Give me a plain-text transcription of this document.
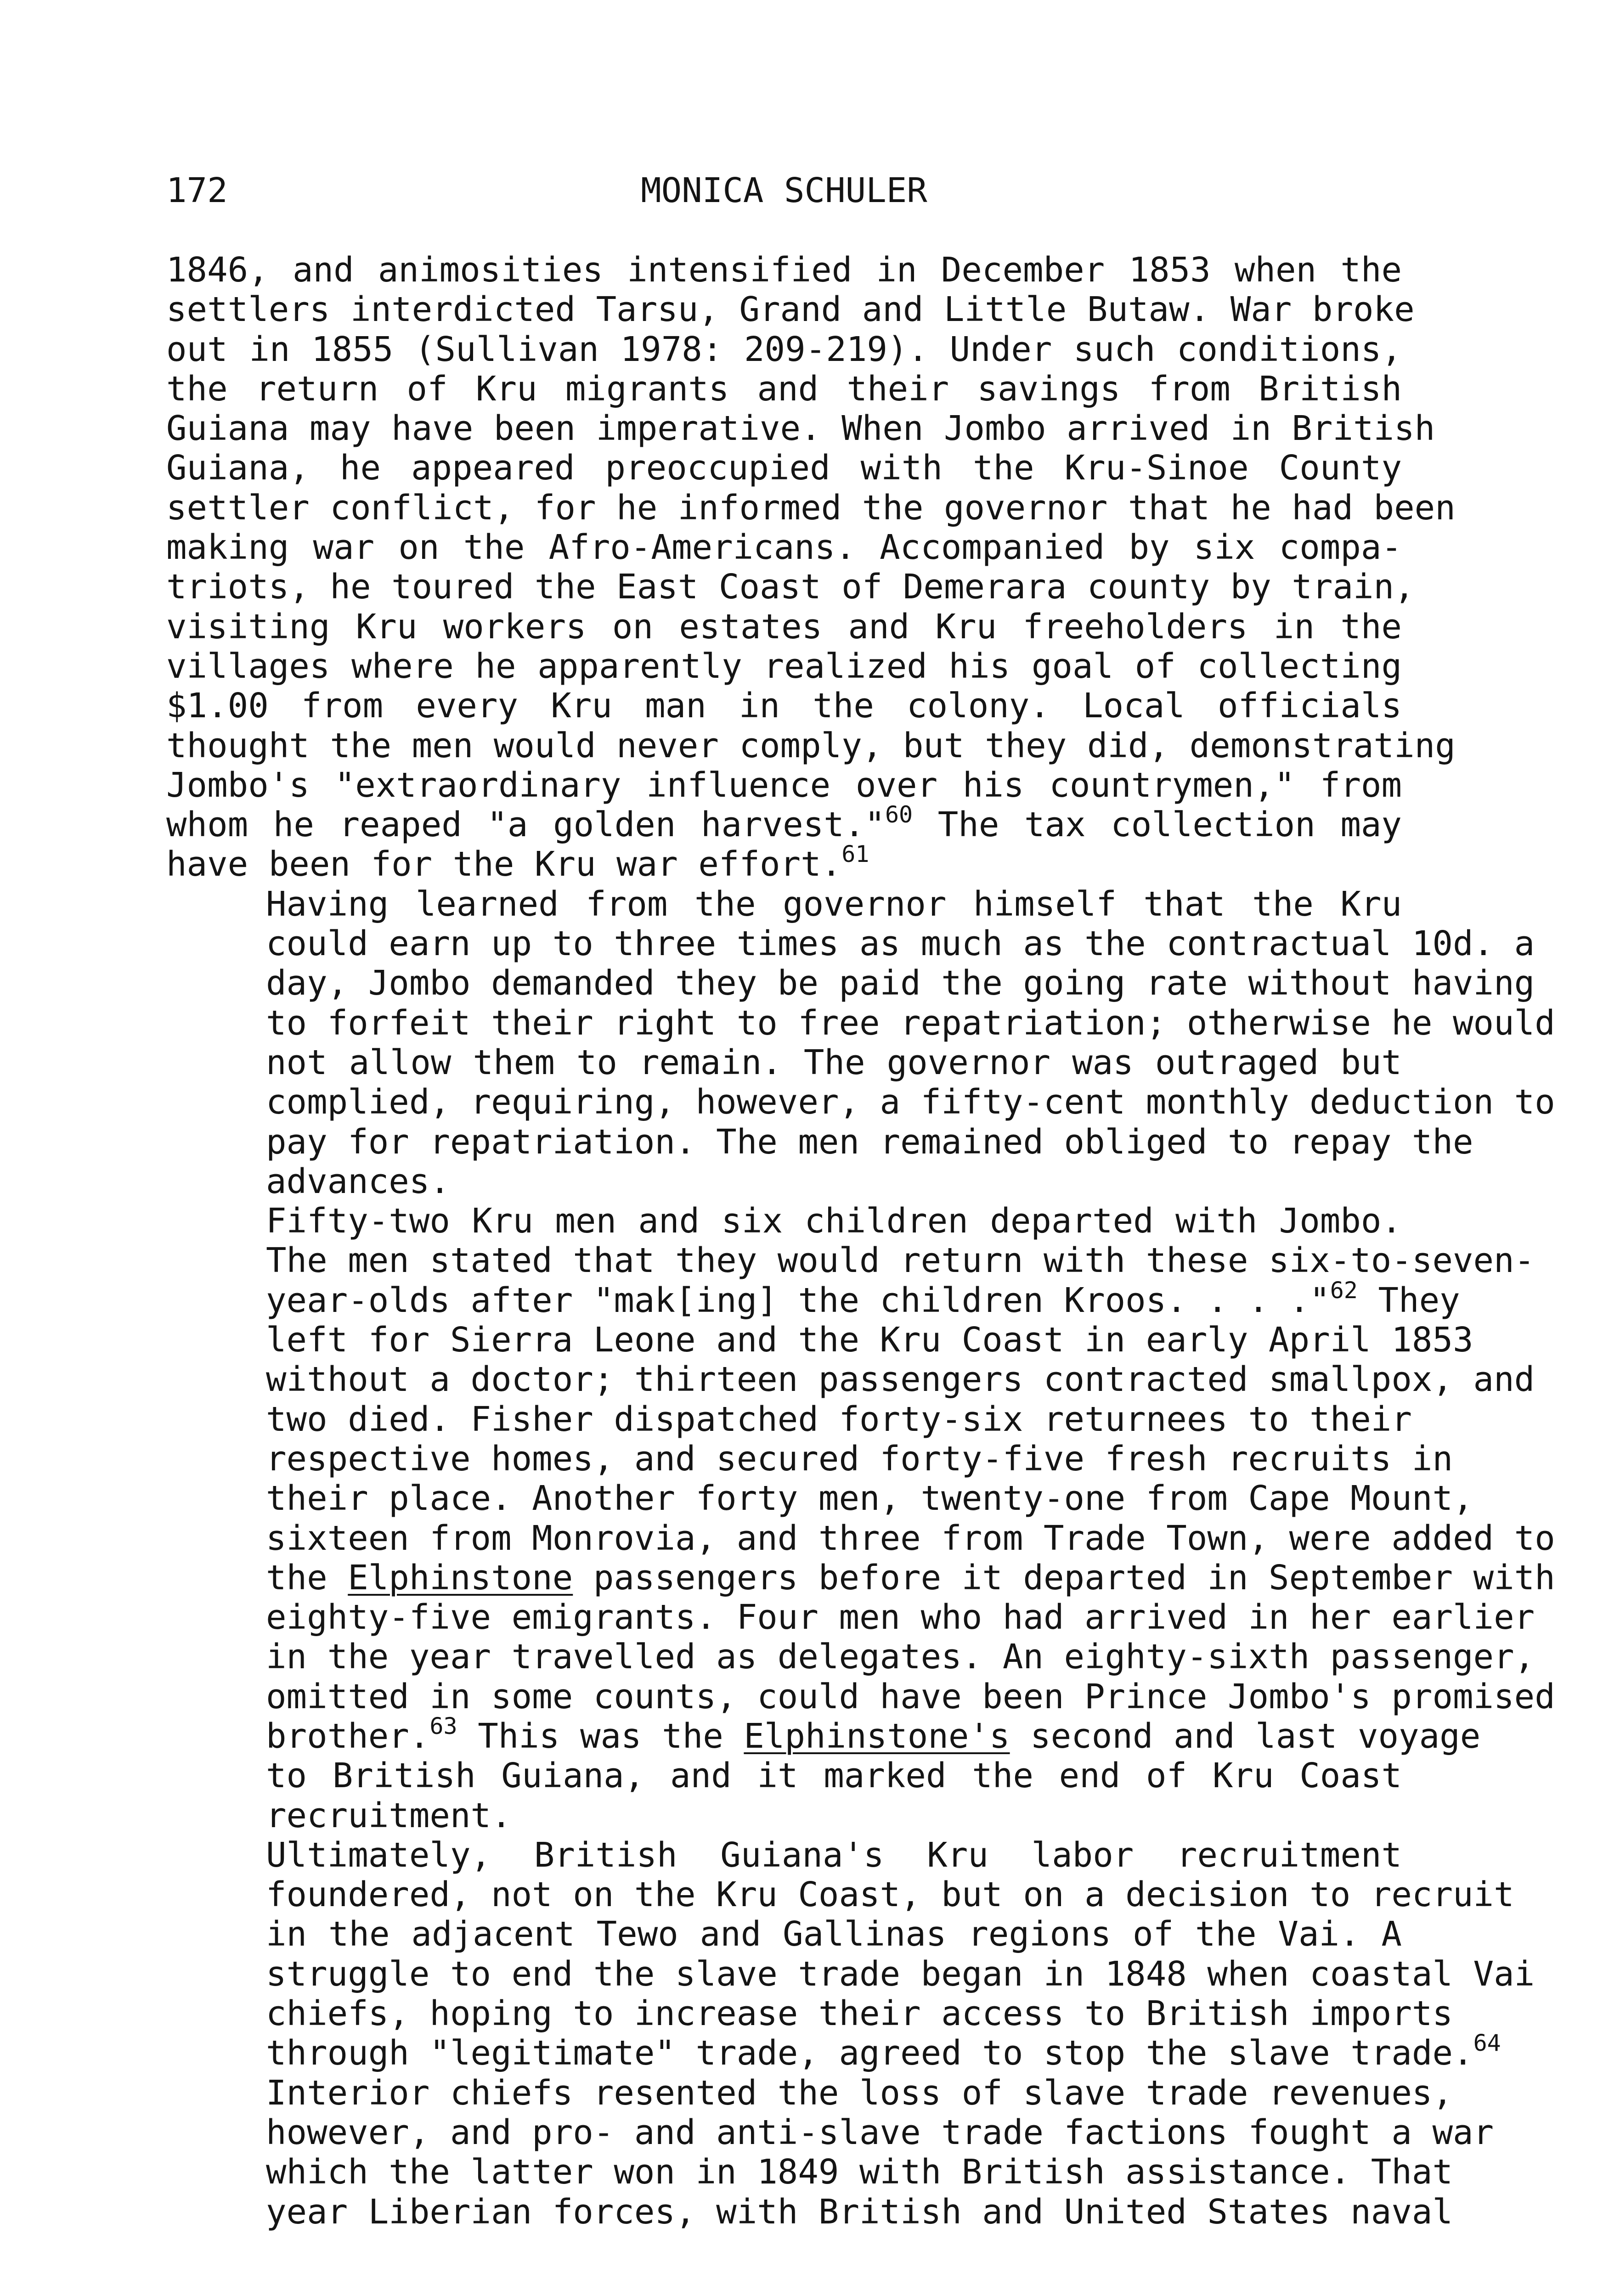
172	MONICA SCHULER

1846, and animosities intensified in December 1853 when the
settlers interdicted Tarsu, Grand and Little Butaw. War broke
out in 1855 (Sullivan 1978: 209-219). Under such conditions,
the return of Kru migrants and their savings from British
Guiana may have been imperative. When Jombo arrived in British
Guiana, he appeared preoccupied with the Kru-Sinoe County
settler conflict, for he informed the governor that he had been
making war on the Afro-Americans. Accompanied by six compa-
triots, he toured the East Coast of Demerara county by train,
visiting Kru workers on estates and Kru freeholders in the
villages where he apparently realized his goal of collecting
$1.00 from every Kru man in the colony. Local officials
thought the men would never comply, but they did, demonstrating
Jombo's "extraordinary influence over his countrymen," from
whom he reaped "a golden harvest."$^{60}$ The tax collection may
have been for the Kru war effort.$^{61}$

Having learned from the governor himself that the Kru
could earn up to three times as much as the contractual 10d. a
day, Jombo demanded they be paid the going rate without having
to forfeit their right to free repatriation; otherwise he would
not allow them to remain. The governor was outraged but
complied, requiring, however, a fifty-cent monthly deduction to
pay for repatriation. The men remained obliged to repay the
advances.

Fifty-two Kru men and six children departed with Jombo.
The men stated that they would return with these six-to-seven-
year-olds after "mak[ing] the children Kroos. . . ."$^{62}$ They
left for Sierra Leone and the Kru Coast in early April 1853
without a doctor; thirteen passengers contracted smallpox, and
two died. Fisher dispatched forty-six returnees to their
respective homes, and secured forty-five fresh recruits in
their place. Another forty men, twenty-one from Cape Mount,
sixteen from Monrovia, and three from Trade Town, were added to
the Elphinstone passengers before it departed in September with
eighty-five emigrants. Four men who had arrived in her earlier
in the year travelled as delegates. An eighty-sixth passenger,
omitted in some counts, could have been Prince Jombo's promised
brother.$^{63}$ This was the Elphinstone's second and last voyage
to British Guiana, and it marked the end of Kru Coast
recruitment.

Ultimately, British Guiana's Kru labor recruitment
foundered, not on the Kru Coast, but on a decision to recruit
in the adjacent Tewo and Gallinas regions of the Vai. A
struggle to end the slave trade began in 1848 when coastal Vai
chiefs, hoping to increase their access to British imports
through "legitimate" trade, agreed to stop the slave trade.$^{64}$
Interior chiefs resented the loss of slave trade revenues,
however, and pro- and anti-slave trade factions fought a war
which the latter won in 1849 with British assistance. That
year Liberian forces, with British and United States naval
